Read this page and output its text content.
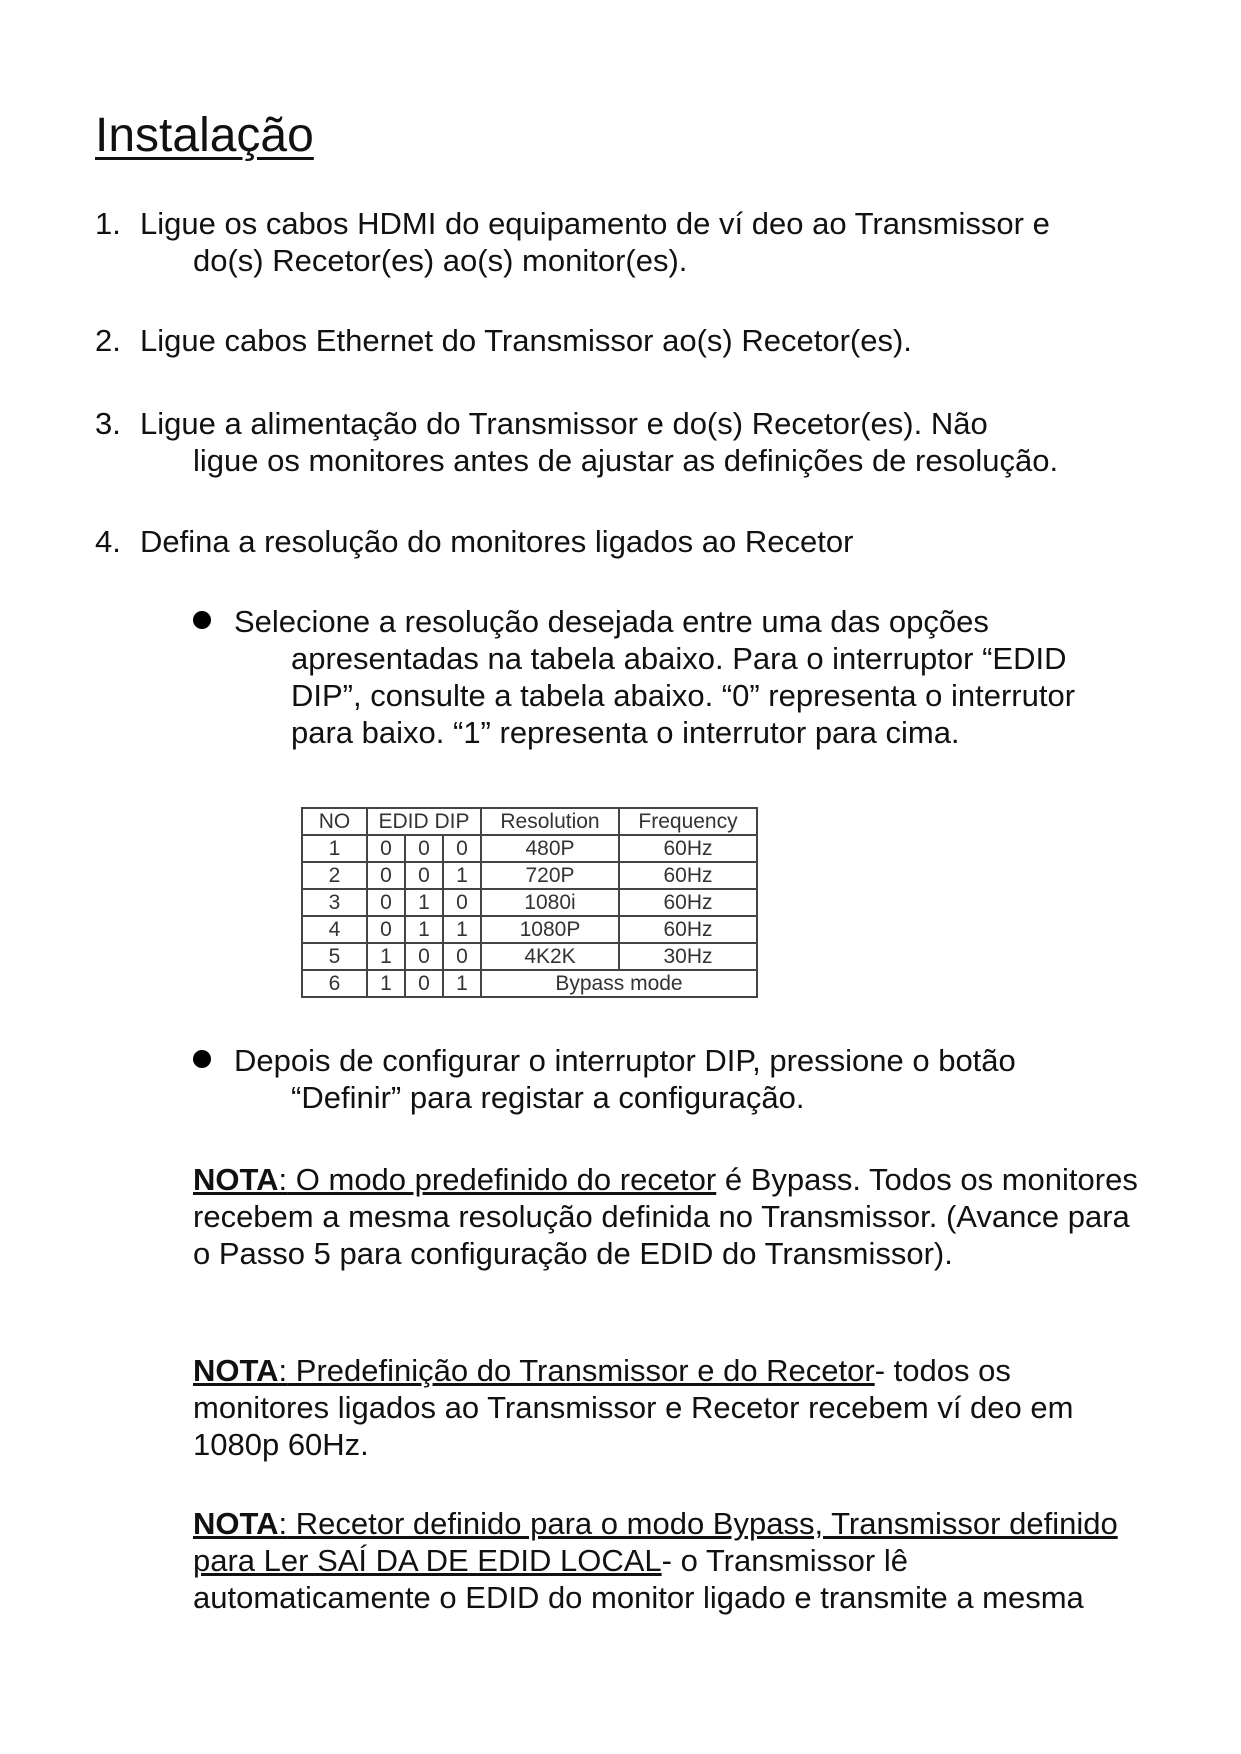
Instalação
1. Ligue os cabos HDMI do equipamento de ví deo ao Transmissor e
do(s) Recetor(es) ao(s) monitor(es).
2. Ligue cabos Ethernet do Transmissor ao(s) Recetor(es).
3. Ligue a alimentação do Transmissor e do(s) Recetor(es). Não
ligue os monitores antes de ajustar as definições de resolução.
4. Defina a resolução do monitores ligados ao Recetor
Selecione a resolução desejada entre uma das opções
apresentadas na tabela abaixo. Para o interruptor “EDID
DIP”, consulte a tabela abaixo. “0” representa o interrutor
para baixo. “1” representa o interrutor para cima.
NO	EDID DIP			Resolution	Frequency
1	0	0	0	480P	60Hz
2	0	0	1	720P	60Hz
3	0	1	0	1080i	60Hz
4	0	1	1	1080P	60Hz
5	1	0	0	4K2K	30Hz
6	1	0	1	Bypass mode	
Depois de configurar o interruptor DIP, pressione o botão
“Definir” para registar a configuração.
NOTA: O modo predefinido do recetor é Bypass. Todos os monitores recebem a mesma resolução definida no Transmissor. (Avance para o Passo 5 para configuração de EDID do Transmissor).
NOTA: Predefinição do Transmissor e do Recetor- todos os monitores ligados ao Transmissor e Recetor recebem ví deo em 1080p 60Hz.
NOTA: Recetor definido para o modo Bypass, Transmissor definido para Ler SAÍ DA DE EDID LOCAL- o Transmissor lê automaticamente o EDID do monitor ligado e transmite a mesma
